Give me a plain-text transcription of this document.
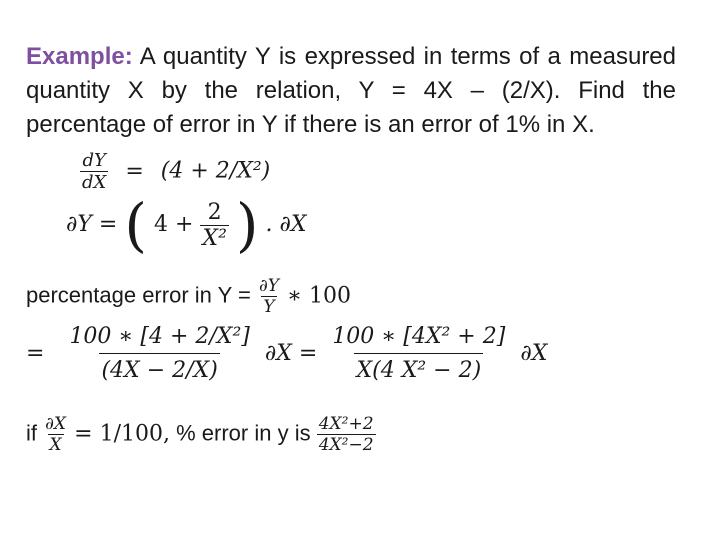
Example: A quantity Y is expressed in terms of a measured quantity X by the relation, Y = 4X – (2/X). Find the percentage of error in Y if there is an error of 1% in X.
$\frac{dY}{dX} = (4 + 2/X^2)$
∂Y = ( $4 + \frac{2}{\text{X²}}$ ) . ∂X
percentage error in $Y = \frac{\partial Y}{Y}$ ∗ 100
= $\frac{\text{100 ∗ [4 + 2/X²]}}{(4X - 2/X)} \partial X = \frac{\text{100 ∗ [4X² + 2]}}{\text{X(4 X² − 2)}} \partial X$
if $\frac{\partial X}{X} = 1/100$, % error in y is $\frac{\text{4X²+2}}{\text{4X²−2}}$
